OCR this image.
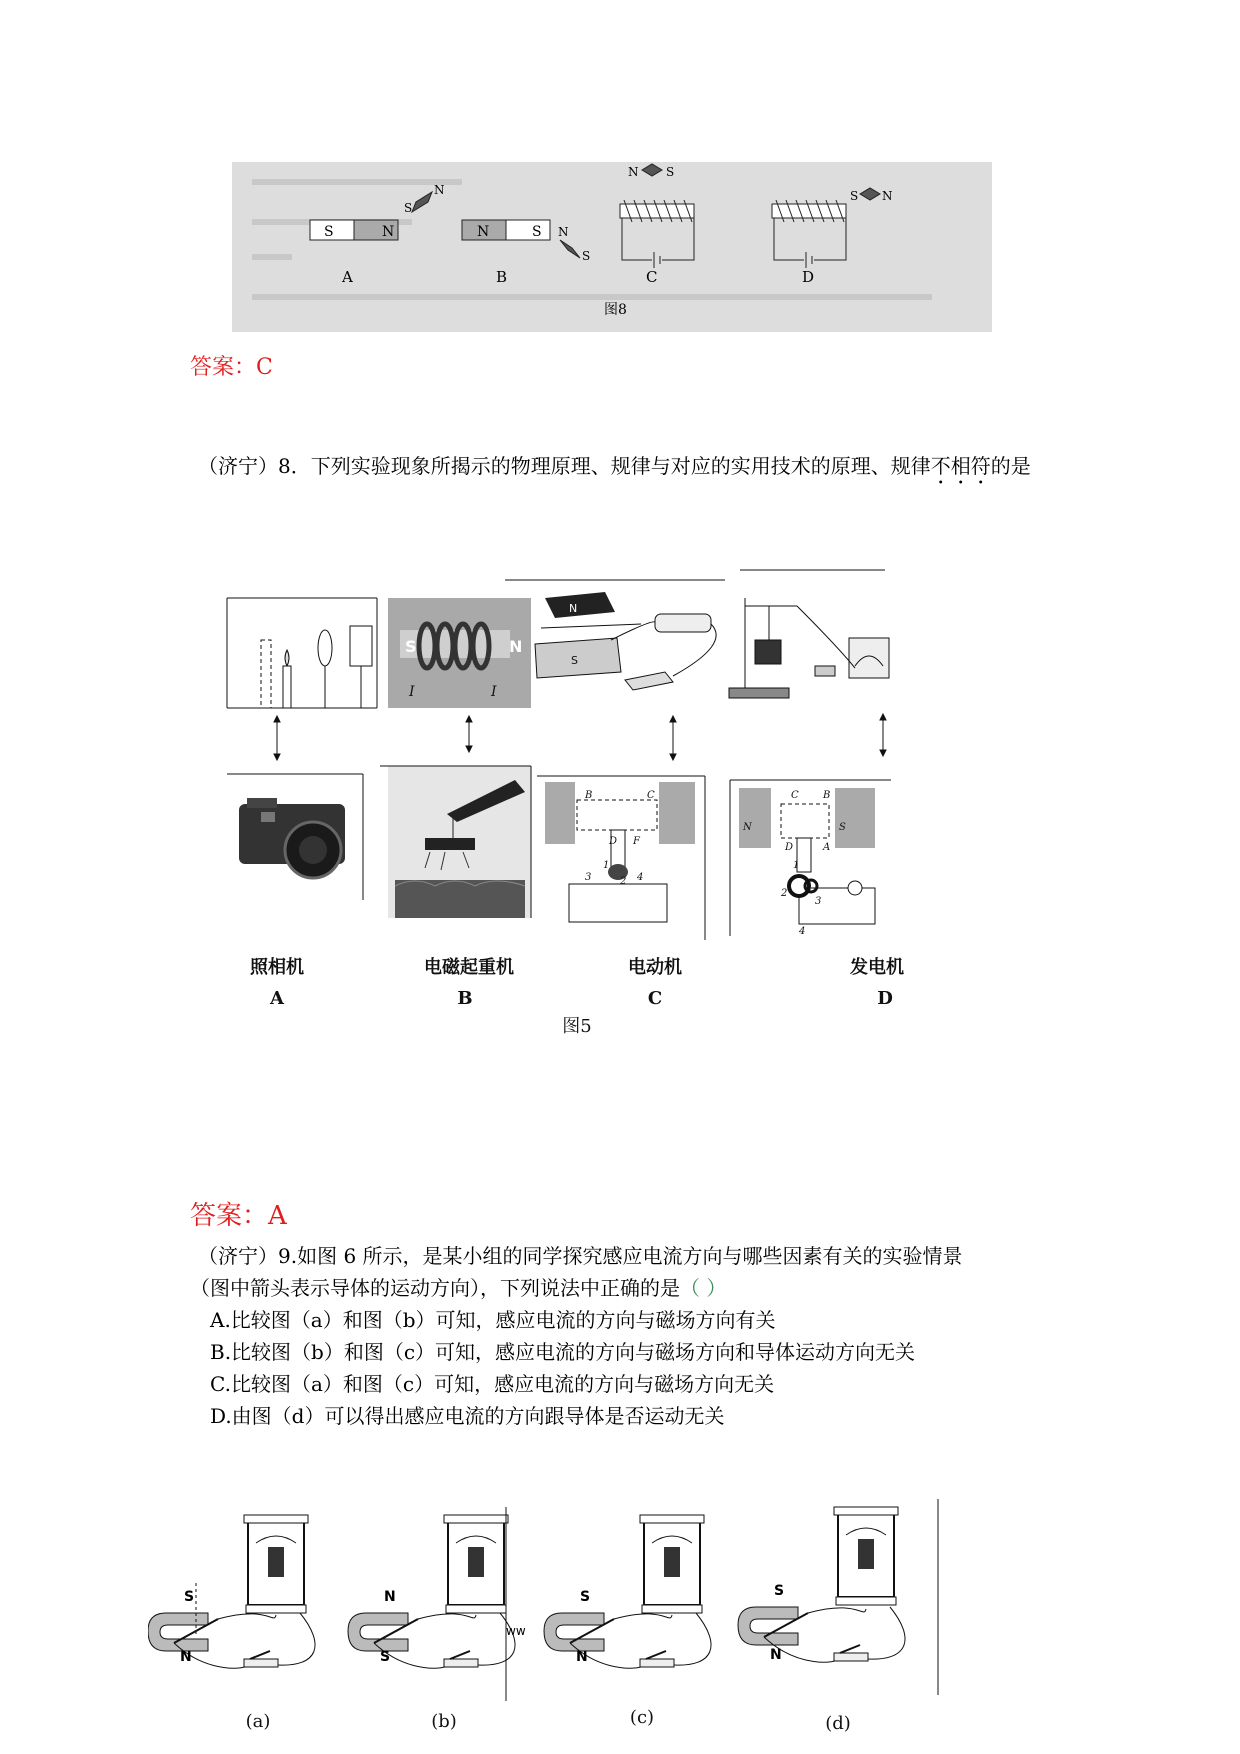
S	N
S
N
A
N	S N
S
B
N S
C
S N
D
图8
答案：C
（济宁）8．下列实验现象所揭示的物理原理、规律与对应的实用技术的原理、规律不相符的是
S	N
I	I
N
S
B	C
D F
1
2
3	4
C B
D	A
N	S
1
2
3
4
照相机	电磁起重机	电动机	发电机
A	B	C	D
图5
答案：A
（济宁）9.如图 6 所示，是某小组的同学探究感应电流方向与哪些因素有关的实验情景
（图中箭头表示导体的运动方向），下列说法中正确的是（ ）
A.比较图（a）和图（b）可知，感应电流的方向与磁场方向有关
B.比较图（b）和图（c）可知，感应电流的方向与磁场方向和导体运动方向无关
C.比较图（a）和图（c）可知，感应电流的方向与磁场方向无关
D.由图（d）可以得出感应电流的方向跟导体是否运动无关
S
N
(a)
N
S
(b)
ww
S
N
(c)
S
N
(d)
